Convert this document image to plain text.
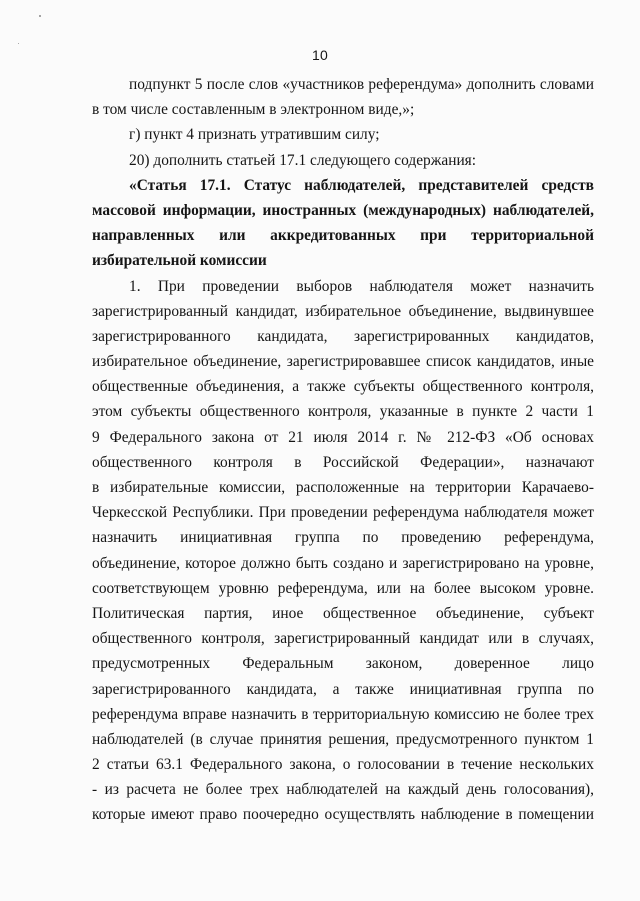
10
подпункт 5 после слов «участников референдума» дополнить словами
в том числе составленным в электронном виде,»;
г) пункт 4 признать утратившим силу;
20) дополнить статьей 17.1 следующего содержания:
«Статья 17.1. Статус наблюдателей, представителей средств
массовой информации, иностранных (международных) наблюдателей,
направленных или аккредитованных при территориальной
избирательной комиссии
1. При проведении выборов наблюдателя может назначить
зарегистрированный кандидат, избирательное объединение, выдвинувшее
зарегистрированного кандидата, зарегистрированных кандидатов,
избирательное объединение, зарегистрировавшее список кандидатов, иные
общественные объединения, а также субъекты общественного контроля,
этом субъекты общественного контроля, указанные в пункте 2 части 1
9 Федерального закона от 21 июля 2014 г. № 212-ФЗ «Об основах
общественного контроля в Российской Федерации», назначают
в избирательные комиссии, расположенные на территории Карачаево-
Черкесской Республики. При проведении референдума наблюдателя может
назначить инициативная группа по проведению референдума,
объединение, которое должно быть создано и зарегистрировано на уровне,
соответствующем уровню референдума, или на более высоком уровне.
Политическая партия, иное общественное объединение, субъект
общественного контроля, зарегистрированный кандидат или в случаях,
предусмотренных Федеральным законом, доверенное лицо
зарегистрированного кандидата, а также инициативная группа по
референдума вправе назначить в территориальную комиссию не более трех
наблюдателей (в случае принятия решения, предусмотренного пунктом 1
2 статьи 63.1 Федерального закона, о голосовании в течение нескольких
- из расчета не более трех наблюдателей на каждый день голосования),
которые имеют право поочередно осуществлять наблюдение в помещении
